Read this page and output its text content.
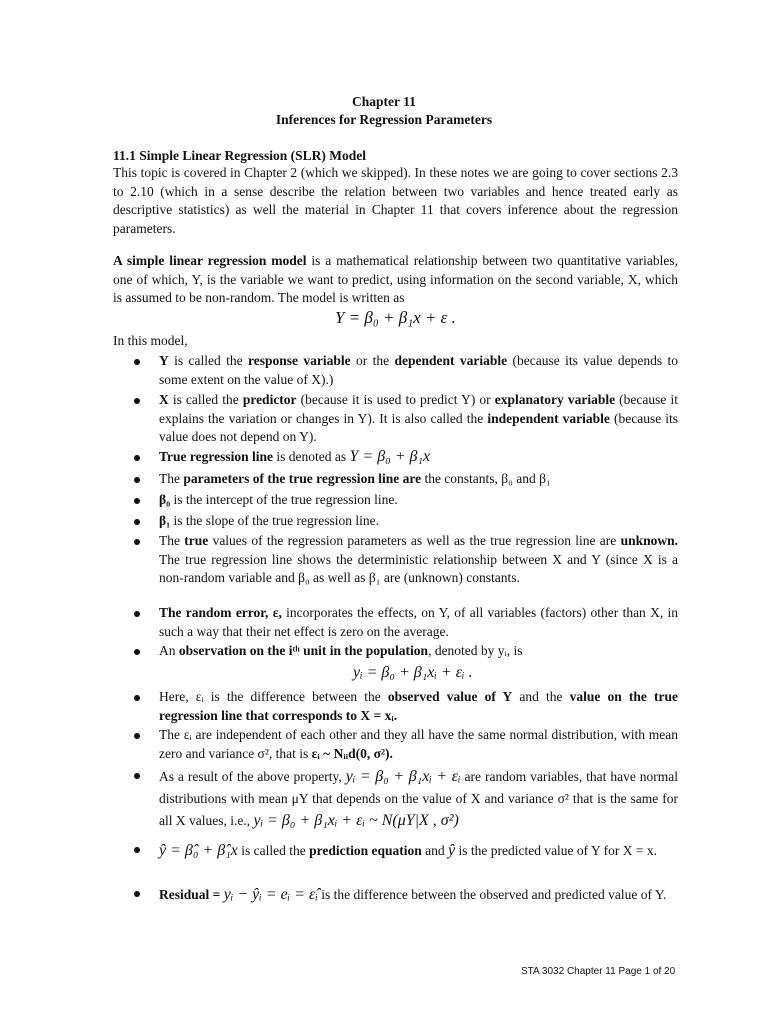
Chapter 11
Inferences for Regression Parameters
11.1 Simple Linear Regression (SLR) Model
This topic is covered in Chapter 2 (which we skipped). In these notes we are going to cover sections 2.3 to 2.10 (which in a sense describe the relation between two variables and hence treated early as descriptive statistics) as well the material in Chapter 11 that covers inference about the regression parameters.
A simple linear regression model is a mathematical relationship between two quantitative variables, one of which, Y, is the variable we want to predict, using information on the second variable, X, which is assumed to be non-random. The model is written as
Y = β₀ + β₁x + ε .
In this model,
Y is called the response variable or the dependent variable (because its value depends to some extent on the value of X).)
X is called the predictor (because it is used to predict Y) or explanatory variable (because it explains the variation or changes in Y). It is also called the independent variable (because its value does not depend on Y).
True regression line is denoted as Y = β₀ + β₁x
The parameters of the true regression line are the constants, β₀ and β₁
β₀ is the intercept of the true regression line.
β₁ is the slope of the true regression line.
The true values of the regression parameters as well as the true regression line are unknown. The true regression line shows the deterministic relationship between X and Y (since X is a non-random variable and β₀ as well as β₁ are (unknown) constants.
The random error, ε, incorporates the effects, on Y, of all variables (factors) other than X, in such a way that their net effect is zero on the average.
An observation on the iᵗʰ unit in the population, denoted by yᵢ, is
Here, εᵢ is the difference between the observed value of Y and the value on the true regression line that corresponds to X = xᵢ.
The εᵢ are independent of each other and they all have the same normal distribution, with mean zero and variance σ², that is εᵢ ~ Nᵢᵢd(0, σ²).
As a result of the above property, yᵢ = β₀ + β₁xᵢ + εᵢ are random variables, that have normal distributions with mean μY that depends on the value of X and variance σ² that is the same for all X values, i.e., yᵢ = β₀ + β₁xᵢ + εᵢ ~ N(μY|X , σ²)
ŷ = β̂₀ + β̂₁x is called the prediction equation and ŷ is the predicted value of Y for X = x.
Residual = yᵢ − ŷᵢ = eᵢ = ε̂ᵢ is the difference between the observed and predicted value of Y.
yᵢ = β₀ + β₁xᵢ + εᵢ .
STA 3032 Chapter 11 Page 1 of 20
